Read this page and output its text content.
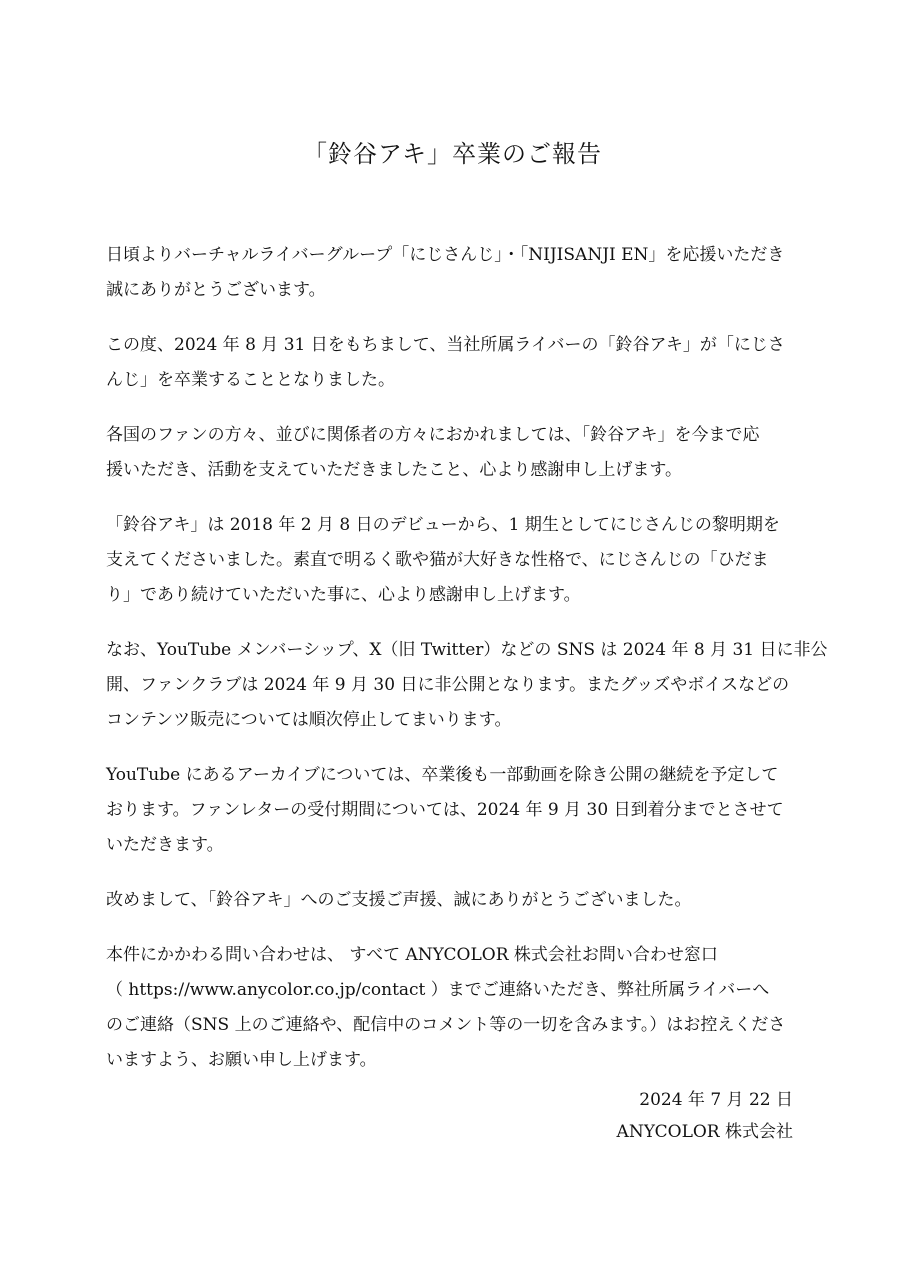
「鈴谷アキ」卒業のご報告

日頃よりバーチャルライバーグループ「にじさんじ」・「NIJISANJI EN」を応援いただき
誠にありがとうございます。

この度、2024 年 8 月 31 日をもちまして、当社所属ライバーの「鈴谷アキ」が「にじさ
んじ」を卒業することとなりました。

各国のファンの方々、並びに関係者の方々におかれましては、「鈴谷アキ」を今まで応
援いただき、活動を支えていただきましたこと、心より感謝申し上げます。

「鈴谷アキ」は 2018 年 2 月 8 日のデビューから、1 期生としてにじさんじの黎明期を
支えてくださいました。素直で明るく歌や猫が大好きな性格で、にじさんじの「ひだま
り」であり続けていただいた事に、心より感謝申し上げます。

なお、YouTube メンバーシップ、X（旧 Twitter）などの SNS は 2024 年 8 月 31 日に非公
開、ファンクラブは 2024 年 9 月 30 日に非公開となります。またグッズやボイスなどの
コンテンツ販売については順次停止してまいります。

YouTube にあるアーカイブについては、卒業後も一部動画を除き公開の継続を予定して
おります。ファンレターの受付期間については、2024 年 9 月 30 日到着分までとさせて
いただきます。

改めまして、「鈴谷アキ」へのご支援ご声援、誠にありがとうございました。

本件にかかわる問い合わせは、 すべて ANYCOLOR 株式会社お問い合わせ窓口
（ https://www.anycolor.co.jp/contact ）までご連絡いただき、弊社所属ライバーへ
のご連絡（SNS 上のご連絡や、配信中のコメント等の一切を含みます。）はお控えくださ
いますよう、お願い申し上げます。

2024 年 7 月 22 日
ANYCOLOR 株式会社
